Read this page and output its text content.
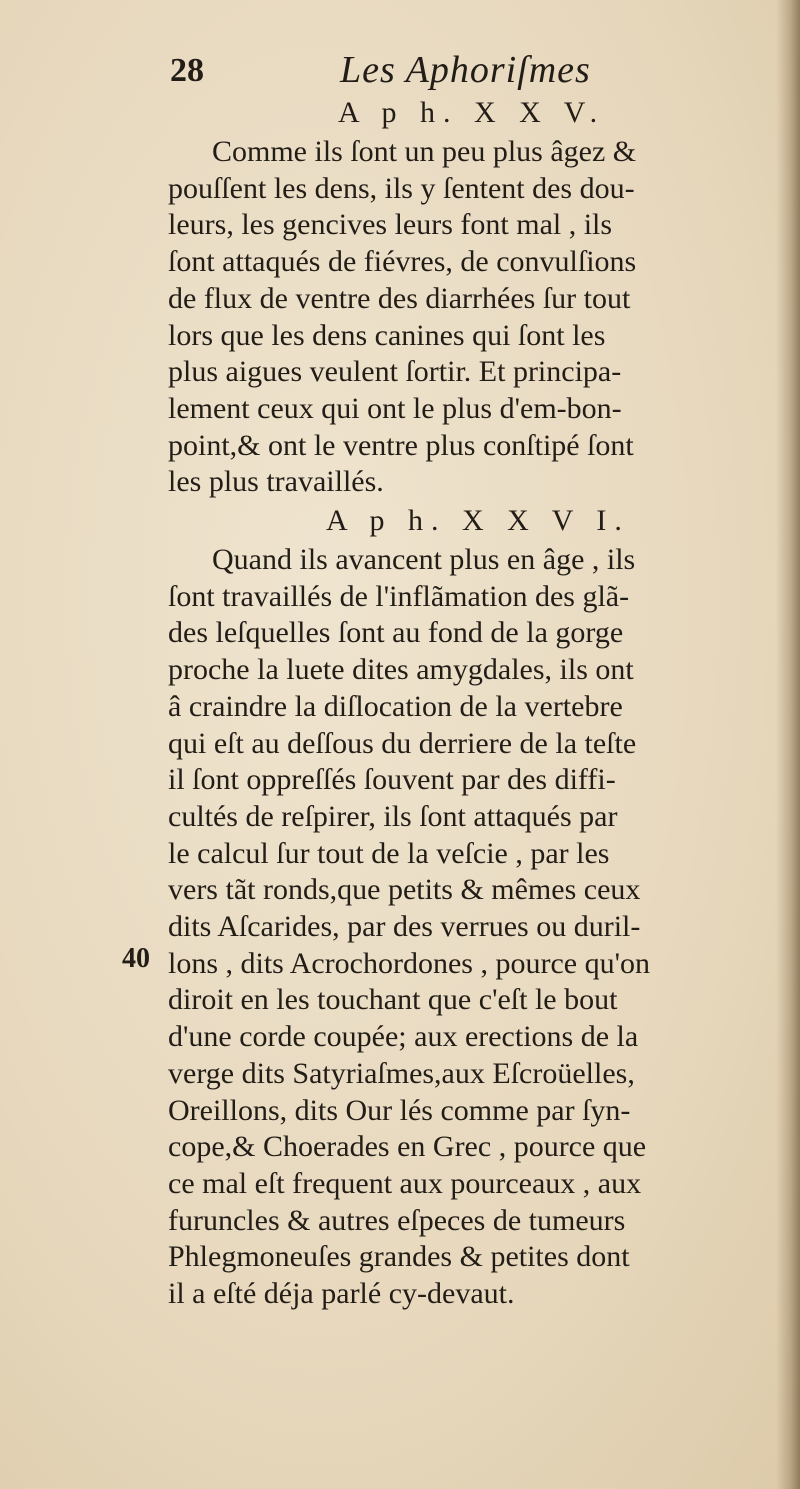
28	Les Aphoriſmes
A p h. X X V.
Comme ils ſont un peu plus âgez &
pouſſent les dens, ils y ſentent des dou-
leurs, les gencives leurs font mal , ils
ſont attaqués de fiévres, de convulſions
de flux de ventre des diarrhées ſur tout
lors que les dens canines qui ſont les
plus aigues veulent ſortir. Et principa-
lement ceux qui ont le plus d'em-bon-
point,& ont le ventre plus conſtipé ſont
les plus travaillés.
A p h. X X V I.
Quand ils avancent plus en âge , ils
ſont travaillés de l'inflãmation des glã-
des leſquelles ſont au fond de la gorge
proche la luete dites amygdales, ils ont
â craindre la diſlocation de la vertebre
qui eſt au deſſous du derriere de la teſte
il ſont oppreſſés ſouvent par des diffi-
cultés de reſpirer, ils ſont attaqués par
le calcul ſur tout de la veſcie , par les
vers tãt ronds,que petits & mêmes ceux
dits Aſcarides, par des verrues ou duril-
lons , dits Acrochordones , pource qu'on
diroit en les touchant que c'eſt le bout
d'une corde coupée; aux erections de la
verge dits Satyriaſmes,aux Eſcroüelles,
Oreillons, dits Our lés comme par ſyn-
cope,& Choerades en Grec , pource que
ce mal eſt frequent aux pourceaux , aux
furuncles & autres eſpeces de tumeurs
Phlegmoneuſes grandes & petites dont
il a eſté déja parlé cy-devaut.
40
